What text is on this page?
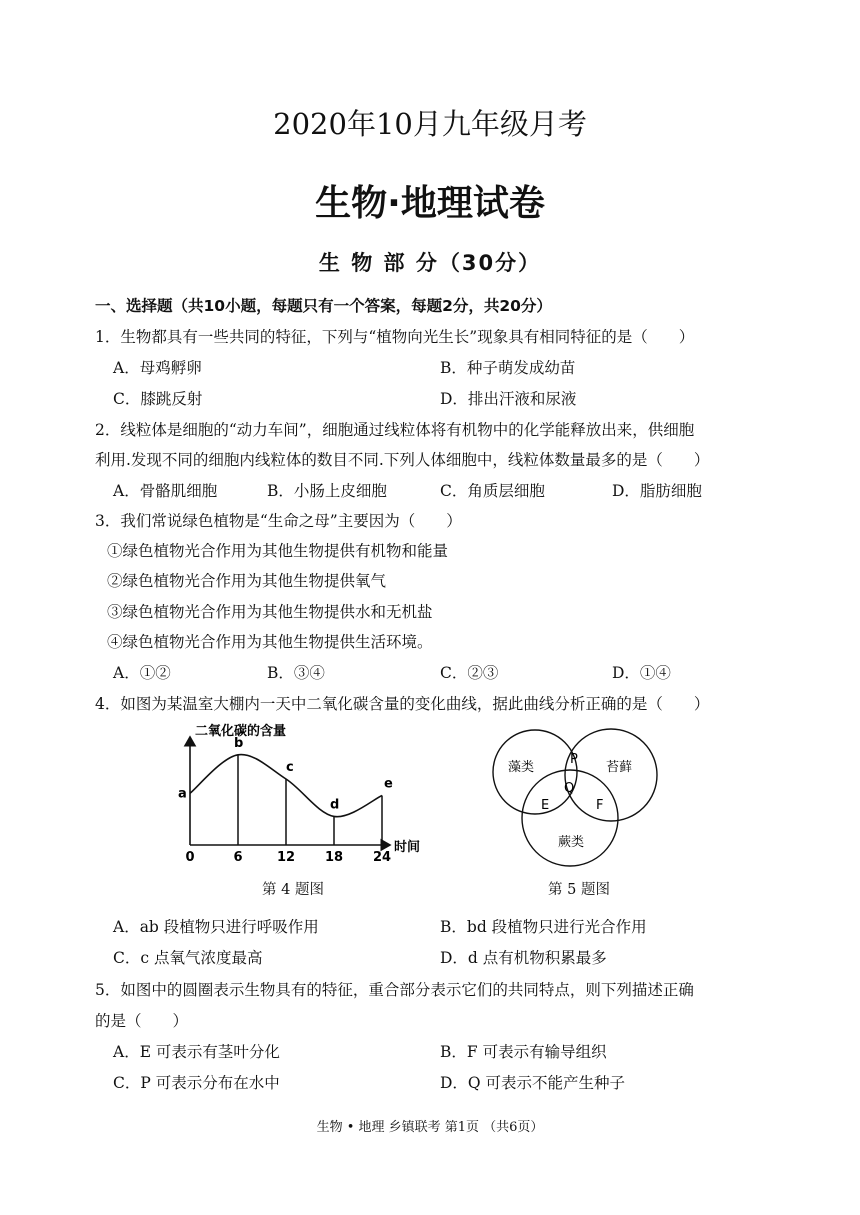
2020年10月九年级月考
生物·地理试卷
生 物 部 分（30分）
一、选择题（共10小题，每题只有一个答案，每题2分，共20分）
1．生物都具有一些共同的特征，下列与“植物向光生长”现象具有相同特征的是（　　）
A．母鸡孵卵	B．种子萌发成幼苗
C．膝跳反射	D．排出汗液和尿液
2．线粒体是细胞的“动力车间”，细胞通过线粒体将有机物中的化学能释放出来，供细胞
利用.发现不同的细胞内线粒体的数目不同.下列人体细胞中，线粒体数量最多的是（　　）
A．骨骼肌细胞	B．小肠上皮细胞	C．角质层细胞	D．脂肪细胞
3．我们常说绿色植物是“生命之母”主要因为（　　）
①绿色植物光合作用为其他生物提供有机物和能量
②绿色植物光合作用为其他生物提供氧气
③绿色植物光合作用为其他生物提供水和无机盐
④绿色植物光合作用为其他生物提供生活环境。
A．①②	B．③④	C．②③	D．①④
4．如图为某温室大棚内一天中二氧化碳含量的变化曲线，据此曲线分析正确的是（　　）
二氧化碳的含量
时间
a
0
b
6
c
12
d
18
e
24
第 4 题图
藻类	苔藓
蕨类
P
Q
E	F
第 5 题图
A．ab 段植物只进行呼吸作用	B．bd 段植物只进行光合作用
C．c 点氧气浓度最高	D．d 点有机物积累最多
5．如图中的圆圈表示生物具有的特征，重合部分表示它们的共同特点，则下列描述正确
的是（　　）
A．E 可表示有茎叶分化	B．F 可表示有输导组织
C．P 可表示分布在水中	D．Q 可表示不能产生种子
生物 • 地理 乡镇联考 第1页 （共6页）
